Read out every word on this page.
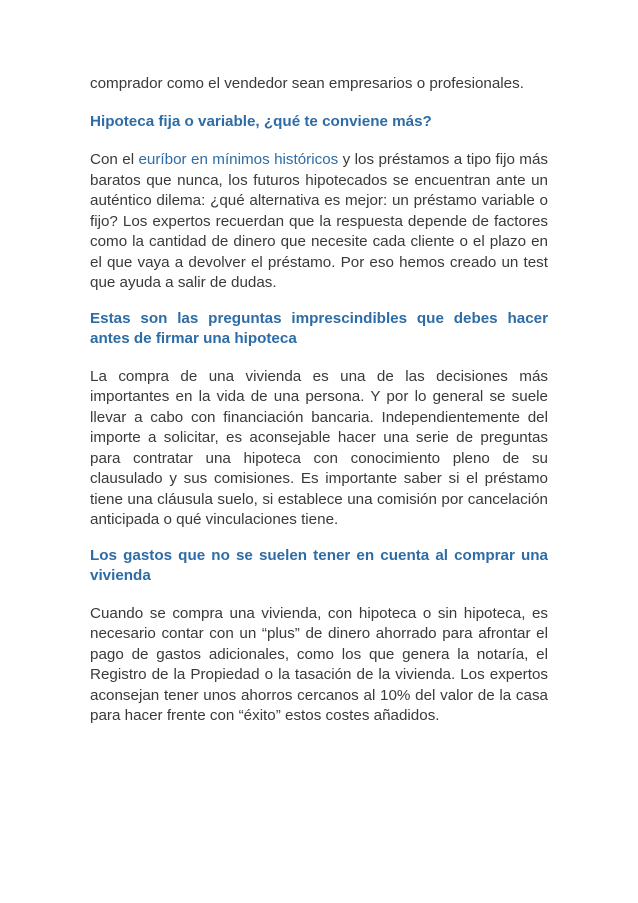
comprador como el vendedor sean empresarios o profesionales.

Hipoteca fija o variable, ¿qué te conviene más?

Con el euríbor en mínimos históricos y los préstamos a tipo fijo más baratos que nunca, los futuros hipotecados se encuentran ante un auténtico dilema: ¿qué alternativa es mejor: un préstamo variable o fijo? Los expertos recuerdan que la respuesta depende de factores como la cantidad de dinero que necesite cada cliente o el plazo en el que vaya a devolver el préstamo. Por eso hemos creado un test que ayuda a salir de dudas.

Estas son las preguntas imprescindibles que debes hacer antes de firmar una hipoteca

La compra de una vivienda es una de las decisiones más importantes en la vida de una persona. Y por lo general se suele llevar a cabo con financiación bancaria. Independientemente del importe a solicitar, es aconsejable hacer una serie de preguntas para contratar una hipoteca con conocimiento pleno de su clausulado y sus comisiones. Es importante saber si el préstamo tiene una cláusula suelo, si establece una comisión por cancelación anticipada o qué vinculaciones tiene.

Los gastos que no se suelen tener en cuenta al comprar una vivienda

Cuando se compra una vivienda, con hipoteca o sin hipoteca, es necesario contar con un “plus” de dinero ahorrado para afrontar el pago de gastos adicionales, como los que genera la notaría, el Registro de la Propiedad o la tasación de la vivienda. Los expertos aconsejan tener unos ahorros cercanos al 10% del valor de la casa para hacer frente con “éxito” estos costes añadidos.
